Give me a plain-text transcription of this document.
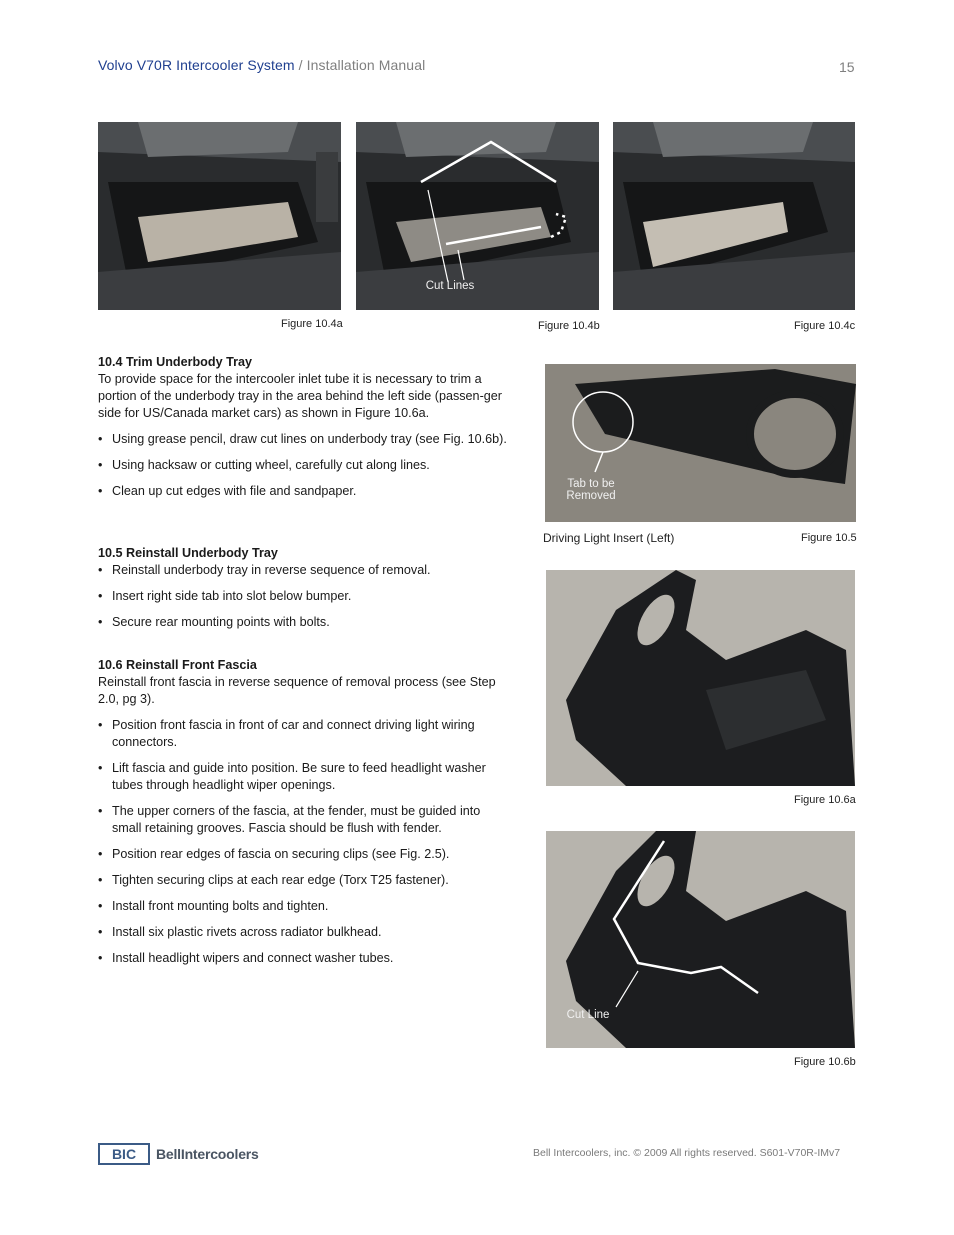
Volvo V70R Intercooler System / Installation Manual	15
Figure 10.4a
Cut Lines
Figure 10.4b	Figure 10.4c
10.4 Trim Underbody Tray

To provide space for the intercooler inlet tube it is necessary to trim a portion of the underbody tray in the area behind the left side (passen-ger side for US/Canada market cars) as shown in Figure 10.6a.

• Using grease pencil, draw cut lines on underbody tray (see Fig. 10.6b).
• Using hacksaw or cutting wheel, carefully cut along lines.
• Clean up cut edges with file and sandpaper.
10.5 Reinstall Underbody Tray
• Reinstall underbody tray in reverse sequence of removal.
• Insert right side tab into slot below bumper.
• Secure rear mounting points with bolts.
10.6 Reinstall Front Fascia

Reinstall front fascia in reverse sequence of removal process (see Step 2.0, pg 3).

• Position front fascia in front of car and connect driving light wiring connectors.
• Lift fascia and guide into position. Be sure to feed headlight washer tubes through headlight wiper openings.
• The upper corners of the fascia, at the fender, must be guided into small retaining grooves. Fascia should be flush with fender.
• Position rear edges of fascia on securing clips (see Fig. 2.5).
• Tighten securing clips at each rear edge (Torx T25 fastener).
• Install front mounting bolts and tighten.
• Install six plastic rivets across radiator bulkhead.
• Install headlight wipers and connect washer tubes.
Tab to be
Removed
Driving Light Insert (Left)	Figure 10.5
Figure 10.6a
Cut Line
Figure 10.6b
BIC BellIntercoolers	Bell Intercoolers, inc. © 2009 All rights reserved. S601-V70R-IMv7
